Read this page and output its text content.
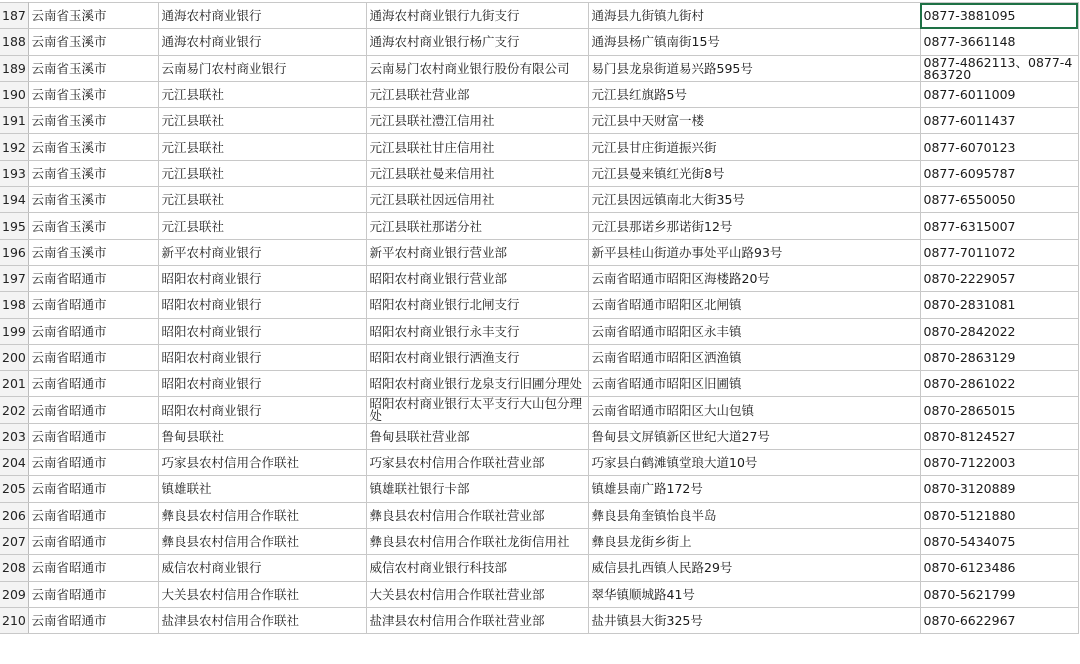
187	云南省玉溪市	通海农村商业银行	通海农村商业银行九街支行	通海县九街镇九街村	0877-3881095
188	云南省玉溪市	通海农村商业银行	通海农村商业银行杨广支行	通海县杨广镇南街15号	0877-3661148
189	云南省玉溪市	云南易门农村商业银行	云南易门农村商业银行股份有限公司	易门县龙泉街道易兴路595号	0877-4862113、0877-4863720
190	云南省玉溪市	元江县联社	元江县联社营业部	元江县红旗路5号	0877-6011009
191	云南省玉溪市	元江县联社	元江县联社澧江信用社	元江县中天财富一楼	0877-6011437
192	云南省玉溪市	元江县联社	元江县联社甘庄信用社	元江县甘庄街道振兴街	0877-6070123
193	云南省玉溪市	元江县联社	元江县联社曼来信用社	元江县曼来镇红光街8号	0877-6095787
194	云南省玉溪市	元江县联社	元江县联社因远信用社	元江县因远镇南北大街35号	0877-6550050
195	云南省玉溪市	元江县联社	元江县联社那诺分社	元江县那诺乡那诺街12号	0877-6315007
196	云南省玉溪市	新平农村商业银行	新平农村商业银行营业部	新平县桂山街道办事处平山路93号	0877-7011072
197	云南省昭通市	昭阳农村商业银行	昭阳农村商业银行营业部	云南省昭通市昭阳区海楼路20号	0870-2229057
198	云南省昭通市	昭阳农村商业银行	昭阳农村商业银行北闸支行	云南省昭通市昭阳区北闸镇	0870-2831081
199	云南省昭通市	昭阳农村商业银行	昭阳农村商业银行永丰支行	云南省昭通市昭阳区永丰镇	0870-2842022
200	云南省昭通市	昭阳农村商业银行	昭阳农村商业银行洒渔支行	云南省昭通市昭阳区洒渔镇	0870-2863129
201	云南省昭通市	昭阳农村商业银行	昭阳农村商业银行龙泉支行旧圃分理处	云南省昭通市昭阳区旧圃镇	0870-2861022
202	云南省昭通市	昭阳农村商业银行	昭阳农村商业银行太平支行大山包分理处	云南省昭通市昭阳区大山包镇	0870-2865015
203	云南省昭通市	鲁甸县联社	鲁甸县联社营业部	鲁甸县文屏镇新区世纪大道27号	0870-8124527
204	云南省昭通市	巧家县农村信用合作联社	巧家县农村信用合作联社营业部	巧家县白鹤滩镇堂琅大道10号	0870-7122003
205	云南省昭通市	镇雄联社	镇雄联社银行卡部	镇雄县南广路172号	0870-3120889
206	云南省昭通市	彝良县农村信用合作联社	彝良县农村信用合作联社营业部	彝良县角奎镇怡良半岛	0870-5121880
207	云南省昭通市	彝良县农村信用合作联社	彝良县农村信用合作联社龙街信用社	彝良县龙街乡街上	0870-5434075
208	云南省昭通市	威信农村商业银行	威信农村商业银行科技部	威信县扎西镇人民路29号	0870-6123486
209	云南省昭通市	大关县农村信用合作联社	大关县农村信用合作联社营业部	翠华镇顺城路41号	0870-5621799
210	云南省昭通市	盐津县农村信用合作联社	盐津县农村信用合作联社营业部	盐井镇县大街325号	0870-6622967
